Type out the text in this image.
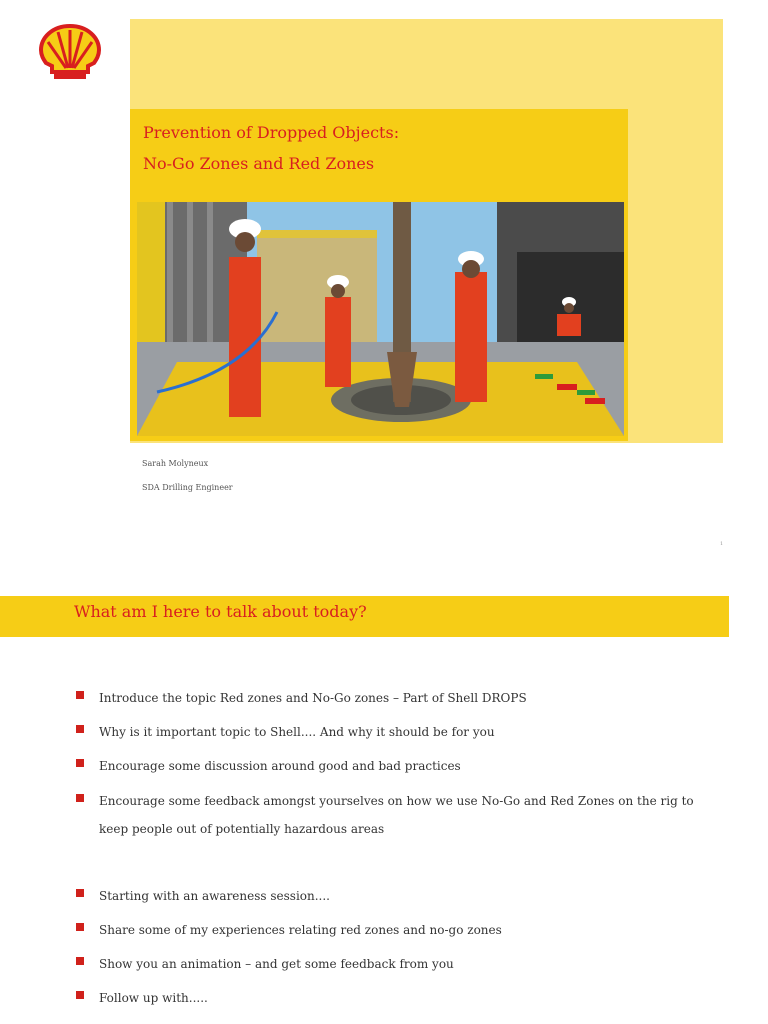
Prevention of Dropped Objects:
No-Go Zones and Red Zones
Sarah Molyneux
SDA Drilling Engineer
1
What am I here to talk about today?
Introduce the topic Red zones and No-Go zones – Part of Shell DROPS
Why is it important topic to Shell.... And why it should be for you
Encourage some discussion around good and bad practices
Encourage some feedback amongst yourselves on how we use No-Go and Red Zones on the rig to keep people out of potentially hazardous areas
Starting with an awareness session....
Share some of my experiences relating red zones and no-go zones
Show you an animation – and get some feedback from you
Follow up with.....
